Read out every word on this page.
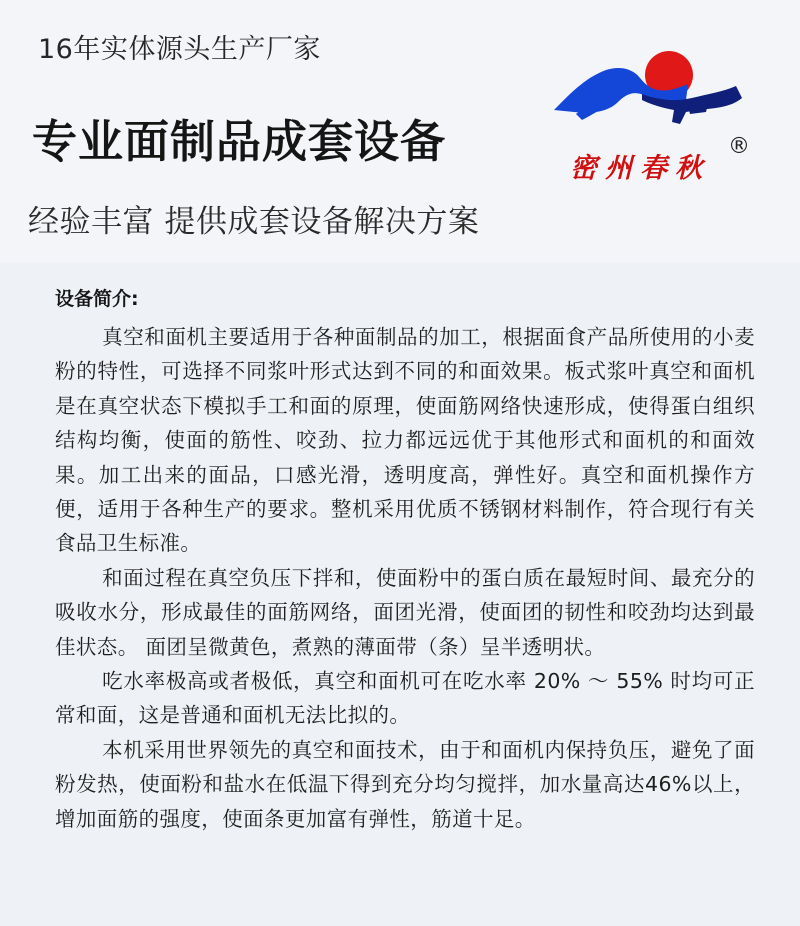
16年实体源头生产厂家
专业面制品成套设备
经验丰富 提供成套设备解决方案
密州春秋
®
设备简介:

真空和面机主要适用于各种面制品的加工，根据面食产品所使用的小麦粉的特性，可选择不同浆叶形式达到不同的和面效果。板式浆叶真空和面机是在真空状态下模拟手工和面的原理，使面筋网络快速形成，使得蛋白组织结构均衡，使面的筋性、咬劲、拉力都远远优于其他形式和面机的和面效果。加工出来的面品，口感光滑，透明度高，弹性好。真空和面机操作方便，适用于各种生产的要求。整机采用优质不锈钢材料制作，符合现行有关食品卫生标准。

和面过程在真空负压下拌和，使面粉中的蛋白质在最短时间、最充分的吸收水分，形成最佳的面筋网络，面团光滑，使面团的韧性和咬劲均达到最佳状态。 面团呈微黄色，煮熟的薄面带（条）呈半透明状。

吃水率极高或者极低，真空和面机可在吃水率 20% ～ 55% 时均可正常和面，这是普通和面机无法比拟的。

本机采用世界领先的真空和面技术，由于和面机内保持负压，避免了面粉发热，使面粉和盐水在低温下得到充分均匀搅拌，加水量高达46%以上，增加面筋的强度，使面条更加富有弹性，筋道十足。
